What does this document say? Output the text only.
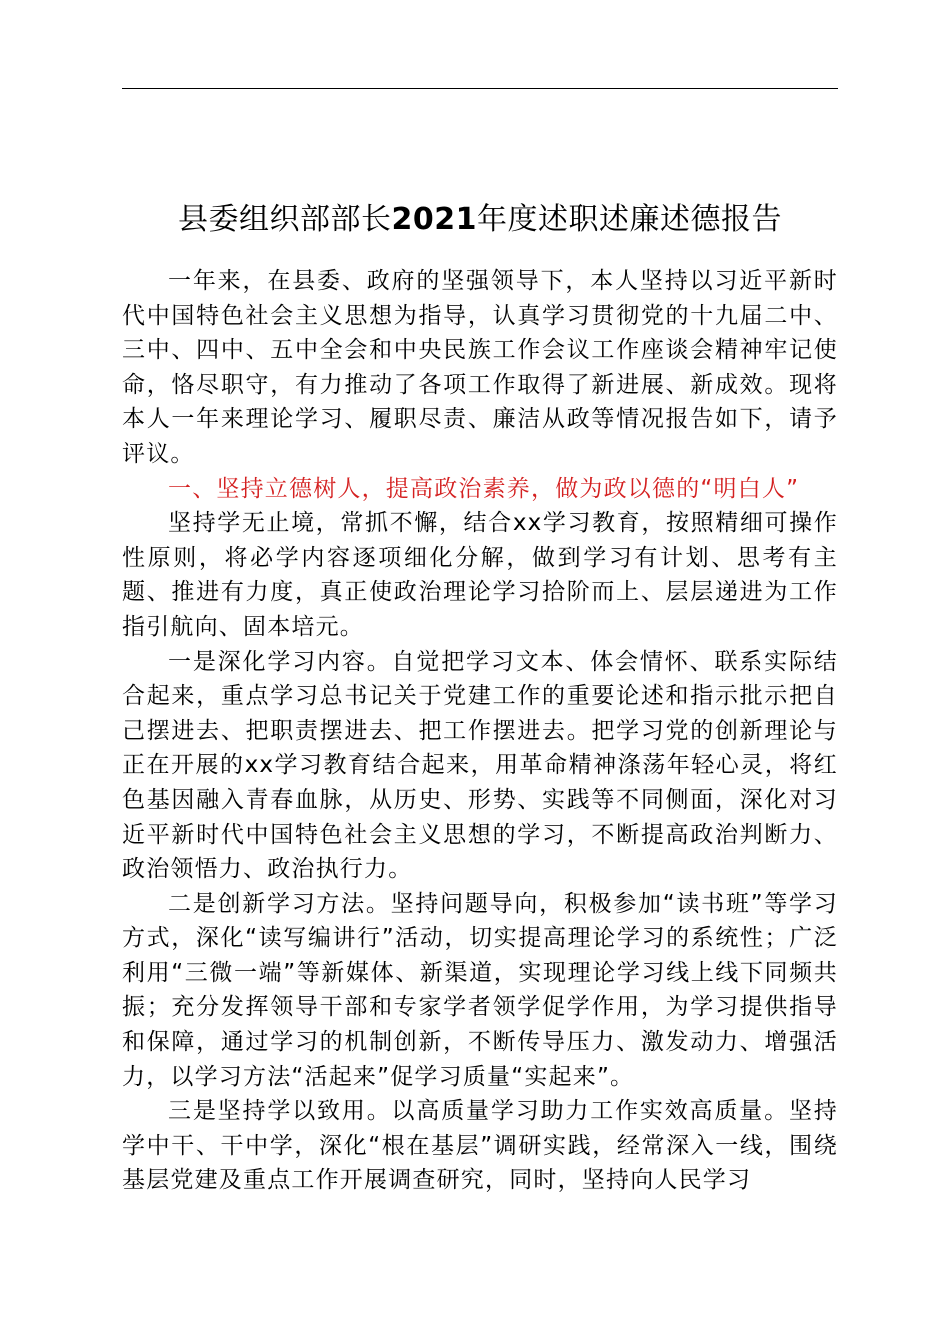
县委组织部部长2021年度述职述廉述德报告

一年来，在县委、政府的坚强领导下，本人坚持以习近平新时代中国特色社会主义思想为指导，认真学习贯彻党的十九届二中、三中、四中、五中全会和中央民族工作会议工作座谈会精神牢记使命，恪尽职守，有力推动了各项工作取得了新进展、新成效。现将本人一年来理论学习、履职尽责、廉洁从政等情况报告如下，请予评议。

一、坚持立德树人，提高政治素养，做为政以德的“明白人”

坚持学无止境，常抓不懈，结合xx学习教育，按照精细可操作性原则，将必学内容逐项细化分解，做到学习有计划、思考有主题、推进有力度，真正使政治理论学习拾阶而上、层层递进为工作指引航向、固本培元。

一是深化学习内容。自觉把学习文本、体会情怀、联系实际结合起来，重点学习总书记关于党建工作的重要论述和指示批示把自己摆进去、把职责摆进去、把工作摆进去。把学习党的创新理论与正在开展的xx学习教育结合起来，用革命精神涤荡年轻心灵，将红色基因融入青春血脉，从历史、形势、实践等不同侧面，深化对习近平新时代中国特色社会主义思想的学习，不断提高政治判断力、政治领悟力、政治执行力。

二是创新学习方法。坚持问题导向，积极参加“读书班”等学习方式，深化“读写编讲行”活动，切实提高理论学习的系统性；广泛利用“三微一端”等新媒体、新渠道，实现理论学习线上线下同频共振；充分发挥领导干部和专家学者领学促学作用，为学习提供指导和保障，通过学习的机制创新，不断传导压力、激发动力、增强活力，以学习方法“活起来”促学习质量“实起来”。

三是坚持学以致用。以高质量学习助力工作实效高质量。坚持学中干、干中学，深化“根在基层”调研实践，经常深入一线，围绕基层党建及重点工作开展调查研究，同时，坚持向人民学习
